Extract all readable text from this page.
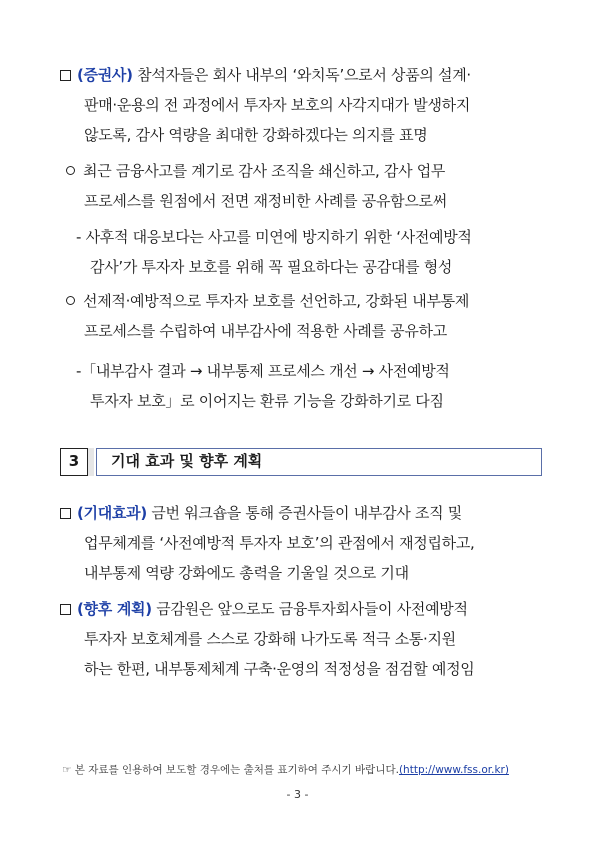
(증권사) 참석자들은 회사 내부의 ‘와치독’으로서 상품의 설계·
판매·운용의 전 과정에서 투자자 보호의 사각지대가 발생하지
않도록, 감사 역량을 최대한 강화하겠다는 의지를 표명
최근 금융사고를 계기로 감사 조직을 쇄신하고, 감사 업무
프로세스를 원점에서 전면 재정비한 사례를 공유함으로써
- 사후적 대응보다는 사고를 미연에 방지하기 위한 ‘사전예방적
감사’가 투자자 보호를 위해 꼭 필요하다는 공감대를 형성
선제적·예방적으로 투자자 보호를 선언하고, 강화된 내부통제
프로세스를 수립하여 내부감사에 적용한 사례를 공유하고
-「내부감사 결과 → 내부통제 프로세스 개선 → 사전예방적
투자자 보호」로 이어지는 환류 기능을 강화하기로 다짐
3	기대 효과 및 향후 계획
(기대효과) 금번 워크숍을 통해 증권사들이 내부감사 조직 및
업무체계를 ‘사전예방적 투자자 보호’의 관점에서 재정립하고,
내부통제 역량 강화에도 총력을 기울일 것으로 기대
(향후 계획) 금감원은 앞으로도 금융투자회사들이 사전예방적
투자자 보호체계를 스스로 강화해 나가도록 적극 소통·지원
하는 한편, 내부통제체계 구축·운영의 적정성을 점검할 예정임
☞ 본 자료를 인용하여 보도할 경우에는 출처를 표기하여 주시기 바랍니다.(http://www.fss.or.kr)
- 3 -
